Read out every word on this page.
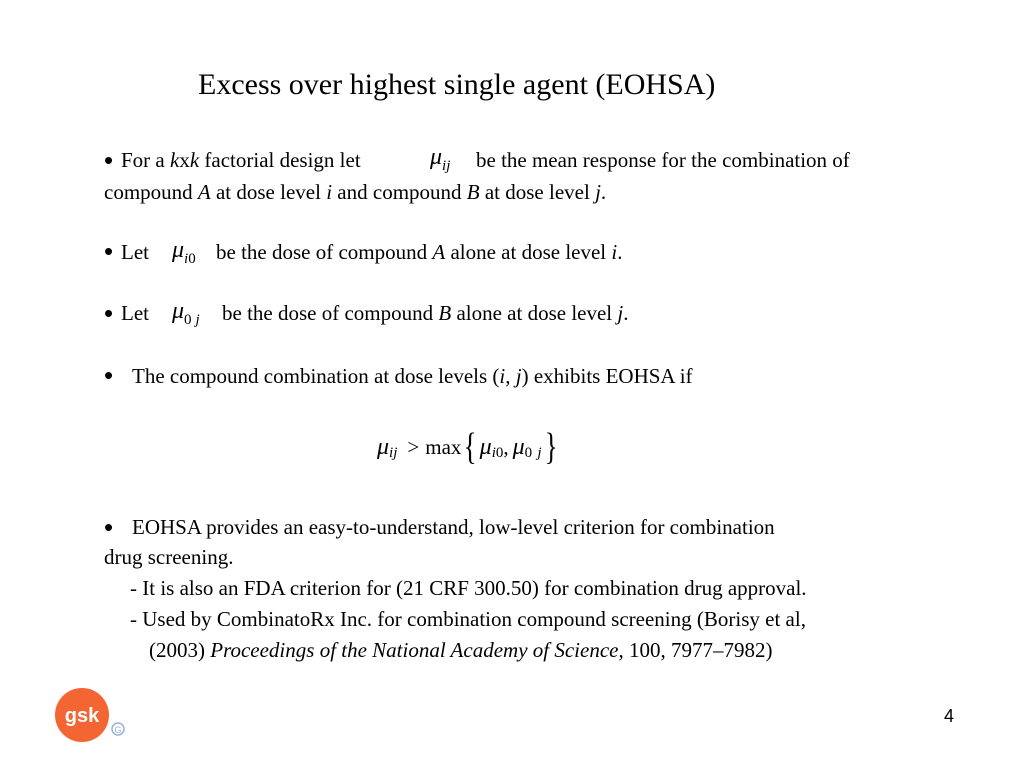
Excess over highest single agent (EOHSA)
• For a kxk factorial design let	μij be the mean response for the combination of
compound A at dose level i and compound B at dose level j.
• Let μi0 be the dose of compound A alone at dose level i.
• Let μ0 j be the dose of compound B alone at dose level j.
• The compound combination at dose levels (i, j) exhibits EOHSA if
μ ij > max { μ i 0 , μ 0
j }
• EOHSA provides an easy-to-understand, low-level criterion for combination
drug screening.
- It is also an FDA criterion for (21 CRF 300.50) for combination drug approval.
- Used by CombinatoRx Inc. for combination compound screening (Borisy et al,
(2003) Proceedings of the National Academy of Science, 100, 7977–7982)
gsk
G
4
